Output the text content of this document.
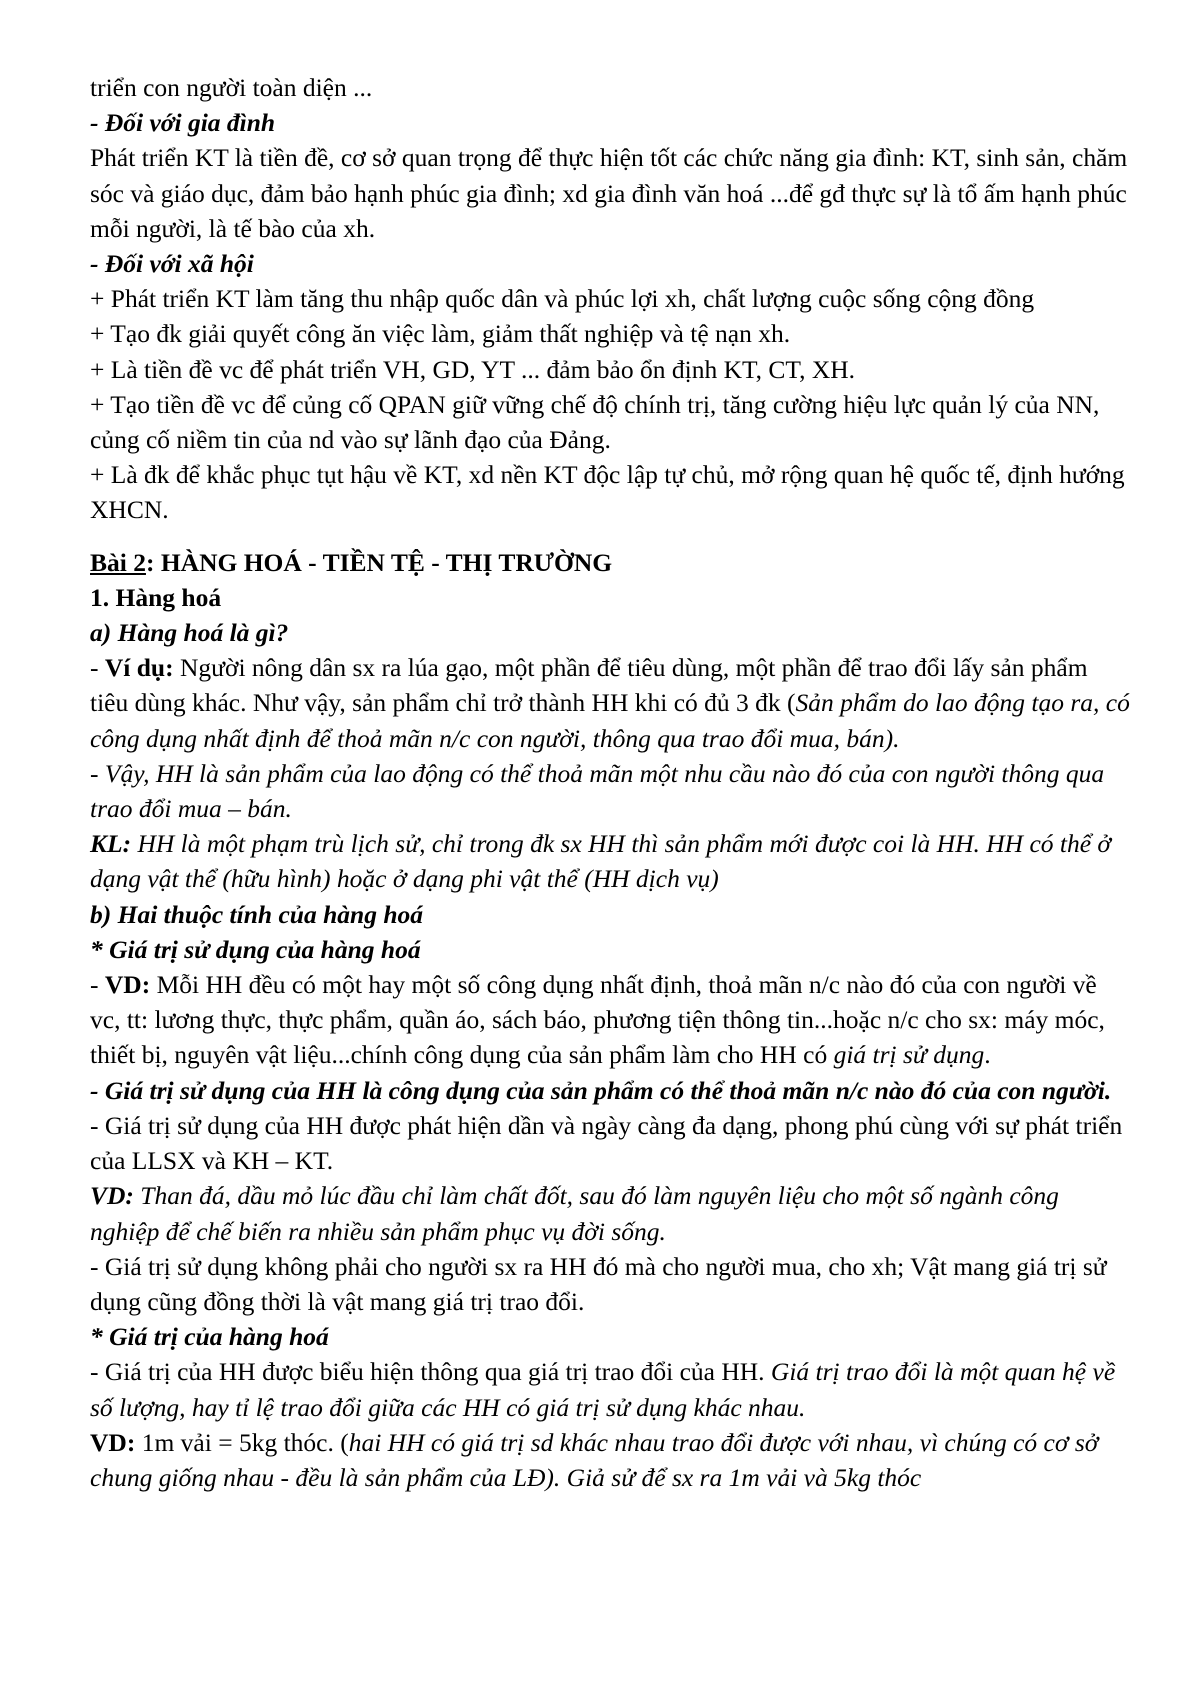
triển con người toàn diện ...

- Đối với gia đình

Phát triển KT là tiền đề, cơ sở quan trọng để thực hiện tốt các chức năng gia đình: KT, sinh sản, chăm sóc và giáo dục, đảm bảo hạnh phúc gia đình; xd gia đình văn hoá ...để gđ thực sự là tổ ấm hạnh phúc mỗi người, là tế bào của xh.

- Đối với xã hội

+ Phát triển KT làm tăng thu nhập quốc dân và phúc lợi xh, chất lượng cuộc sống cộng đồng

+ Tạo đk giải quyết công ăn việc làm, giảm thất nghiệp và tệ nạn xh.

+ Là tiền đề vc để phát triển VH, GD, YT ... đảm bảo ổn định KT, CT, XH.

+ Tạo tiền đề vc để củng cố QPAN giữ vững chế độ chính trị, tăng cường hiệu lực quản lý của NN, củng cố niềm tin của nd vào sự lãnh đạo của Đảng.

+ Là đk để khắc phục tụt hậu về KT, xd nền KT độc lập tự chủ, mở rộng quan hệ quốc tế, định hướng XHCN.

Bài 2: HÀNG HOÁ - TIỀN TỆ - THỊ TRƯỜNG

1. Hàng hoá

a) Hàng hoá là gì?

- Ví dụ: Người nông dân sx ra lúa gạo, một phần để tiêu dùng, một phần để trao đổi lấy sản phẩm tiêu dùng khác. Như vậy, sản phẩm chỉ trở thành HH khi có đủ 3 đk (Sản phẩm do lao động tạo ra, có công dụng nhất định để thoả mãn n/c con người, thông qua trao đổi mua, bán).

- Vậy, HH là sản phẩm của lao động có thể thoả mãn một nhu cầu nào đó của con người thông qua trao đổi mua – bán.

KL: HH là một phạm trù lịch sử, chỉ trong đk sx HH thì sản phẩm mới được coi là HH. HH có thể ở dạng vật thể (hữu hình) hoặc ở dạng phi vật thể (HH dịch vụ)

b) Hai thuộc tính của hàng hoá

* Giá trị sử dụng của hàng hoá

- VD: Mỗi HH đều có một hay một số công dụng nhất định, thoả mãn n/c nào đó của con người về vc, tt: lương thực, thực phẩm, quần áo, sách báo, phương tiện thông tin...hoặc n/c cho sx: máy móc, thiết bị, nguyên vật liệu...chính công dụng của sản phẩm làm cho HH có giá trị sử dụng.

- Giá trị sử dụng của HH là công dụng của sản phẩm có thể thoả mãn n/c nào đó của con người.

- Giá trị sử dụng của HH được phát hiện dần và ngày càng đa dạng, phong phú cùng với sự phát triển của LLSX và KH – KT.

VD: Than đá, dầu mỏ lúc đầu chỉ làm chất đốt, sau đó làm nguyên liệu cho một số ngành công nghiệp để chế biến ra nhiều sản phẩm phục vụ đời sống.

- Giá trị sử dụng không phải cho người sx ra HH đó mà cho người mua, cho xh; Vật mang giá trị sử dụng cũng đồng thời là vật mang giá trị trao đổi.

* Giá trị của hàng hoá

- Giá trị của HH được biểu hiện thông qua giá trị trao đổi của HH. Giá trị trao đổi là một quan hệ về số lượng, hay tỉ lệ trao đổi giữa các HH có giá trị sử dụng khác nhau.

VD: 1m vải = 5kg thóc. (hai HH có giá trị sd khác nhau trao đổi được với nhau, vì chúng có cơ sở chung giống nhau - đều là sản phẩm của LĐ). Giả sử để sx ra 1m vải và 5kg thóc
